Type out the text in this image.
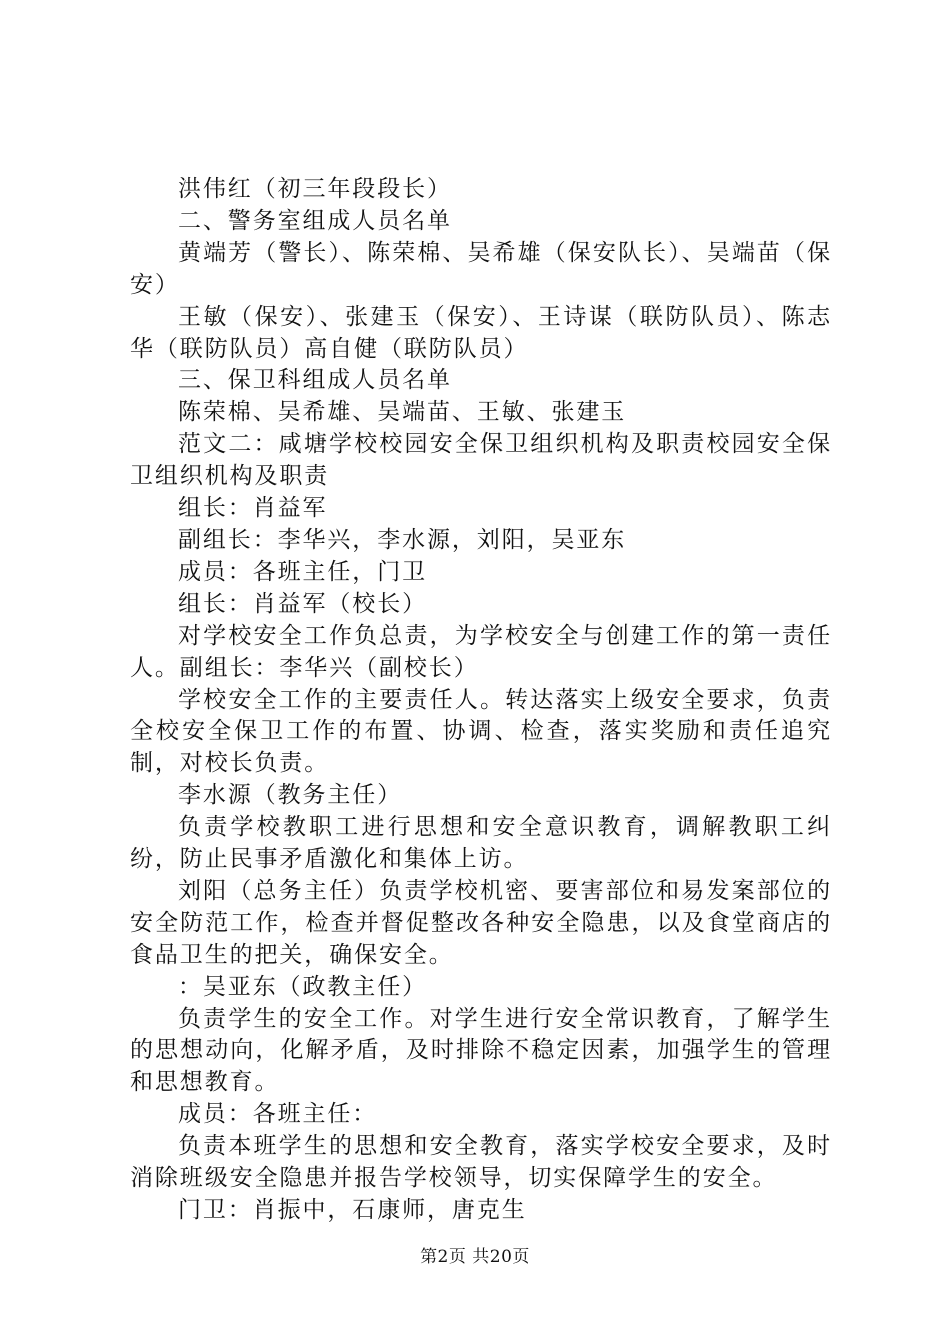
洪伟红（初三年段段长）

二、警务室组成人员名单

黄端芳（警长）、陈荣棉、吴希雄（保安队长）、吴端苗（保安）

王敏（保安）、张建玉（保安）、王诗谋（联防队员）、陈志华（联防队员）高自健（联防队员）

三、保卫科组成人员名单

陈荣棉、吴希雄、吴端苗、王敏、张建玉

范文二：咸塘学校校园安全保卫组织机构及职责校园安全保卫组织机构及职责

组长：肖益军

副组长：李华兴，李水源，刘阳，吴亚东

成员：各班主任，门卫

组长：肖益军（校长）

对学校安全工作负总责，为学校安全与创建工作的第一责任人。副组长：李华兴（副校长）

学校安全工作的主要责任人。转达落实上级安全要求，负责全校安全保卫工作的布置、协调、检查，落实奖励和责任追究制，对校长负责。

李水源（教务主任）

负责学校教职工进行思想和安全意识教育，调解教职工纠纷，防止民事矛盾激化和集体上访。

刘阳（总务主任）负责学校机密、要害部位和易发案部位的安全防范工作，检查并督促整改各种安全隐患，以及食堂商店的食品卫生的把关，确保安全。

：吴亚东（政教主任）

负责学生的安全工作。对学生进行安全常识教育，了解学生的思想动向，化解矛盾，及时排除不稳定因素，加强学生的管理和思想教育。

成员：各班主任：

负责本班学生的思想和安全教育，落实学校安全要求，及时消除班级安全隐患并报告学校领导，切实保障学生的安全。

门卫：肖振中，石康师，唐克生

第2页 共20页
